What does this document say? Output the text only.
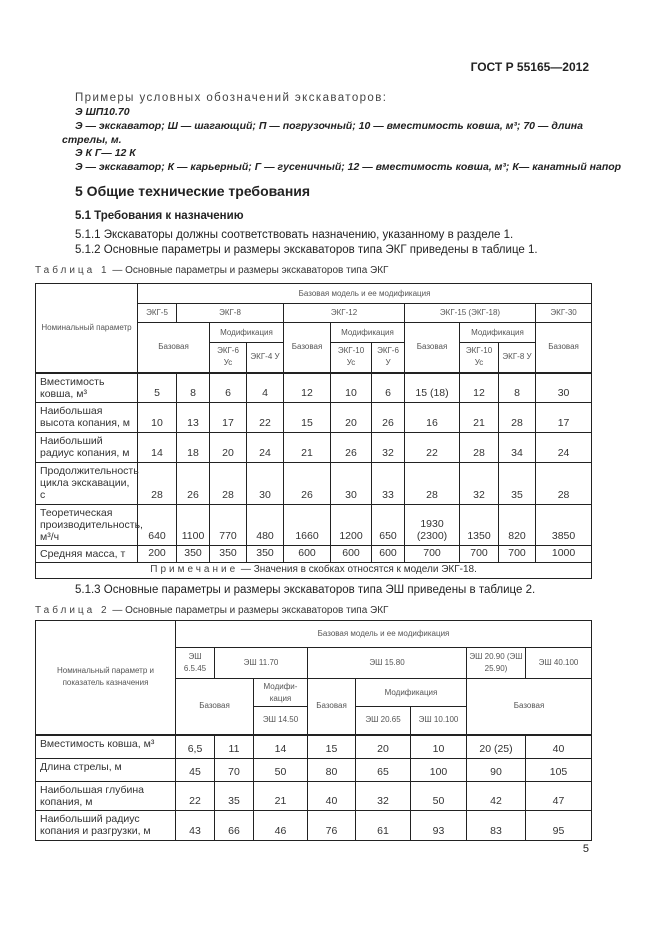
ГОСТ Р 55165—2012
Примеры условных обозначений экскаваторов:
Э ШП10.70
Э — экскаватор; Ш — шагающий; П — погрузочный; 10 — вместимость ковша, м³; 70 — длина
стрелы, м.
Э К Г— 12 К
Э — экскаватор; К — карьерный; Г — гусеничный; 12 — вместимость ковша, м³; К— канатный напор
5 Общие технические требования
5.1 Требования к назначению
5.1.1 Экскаваторы должны соответствовать назначению, указанному в разделе 1.
5.1.2 Основные параметры и размеры экскаваторов типа ЭКГ приведены в таблице 1.
Таблица 1 — Основные параметры и размеры экскаваторов типа ЭКГ
Номинальный параметр	Базовая модель и ее модификация										
	ЭКГ-5	ЭКГ-8			ЭКГ-12			ЭКГ-15 (ЭКГ-18)			ЭКГ-30
	Базовая		Модификация		Базовая	Модификация		Базовая	Модификация		Базовая
			ЭКГ-6 Ус	ЭКГ-4 У		ЭКГ-10 Ус	ЭКГ-6 У		ЭКГ-10 Ус	ЭКГ-8 У	
Вместимость ковша, м³	5	8	6	4	12	10	6	15 (18)	12	8	30
Наибольшая высота копания, м	10	13	17	22	15	20	26	16	21	28	17
Наибольший радиус копания, м	14	18	20	24	21	26	32	22	28	34	24
Продолжительность цикла экскавации, с	28	26	28	30	26	30	33	28	32	35	28
Теоретическая производительность, м³/ч	640	1100	770	480	1660	1200	650	1930 (2300)	1350	820	3850
Средняя масса, т	200	350	350	350	600	600	600	700	700	700	1000
Примечание — Значения в скобках относятся к модели ЭКГ-18.											
5.1.3 Основные параметры и размеры экскаваторов типа ЭШ приведены в таблице 2.
Таблица 2 — Основные параметры и размеры экскаваторов типа ЭКГ
Номинальный параметр и показатель казначения	Базовая модель и ее модификация							
	ЭШ 6.5.45	ЭШ 11.70		ЭШ 15.80			ЭШ 20.90 (ЭШ 25.90)	ЭШ 40.100
	Базовая		Модифи-кация	Базовая	Модификация		Базовая	
			ЭШ 14.50		ЭШ 20.65	ЭШ 10.100		
Вместимость ковша, м³	6,5	11	14	15	20	10	20 (25)	40
Длина стрелы, м	45	70	50	80	65	100	90	105
Наибольшая глубина копания, м	22	35	21	40	32	50	42	47
Наибольший радиус копания и разгрузки, м	43	66	46	76	61	93	83	95
5
